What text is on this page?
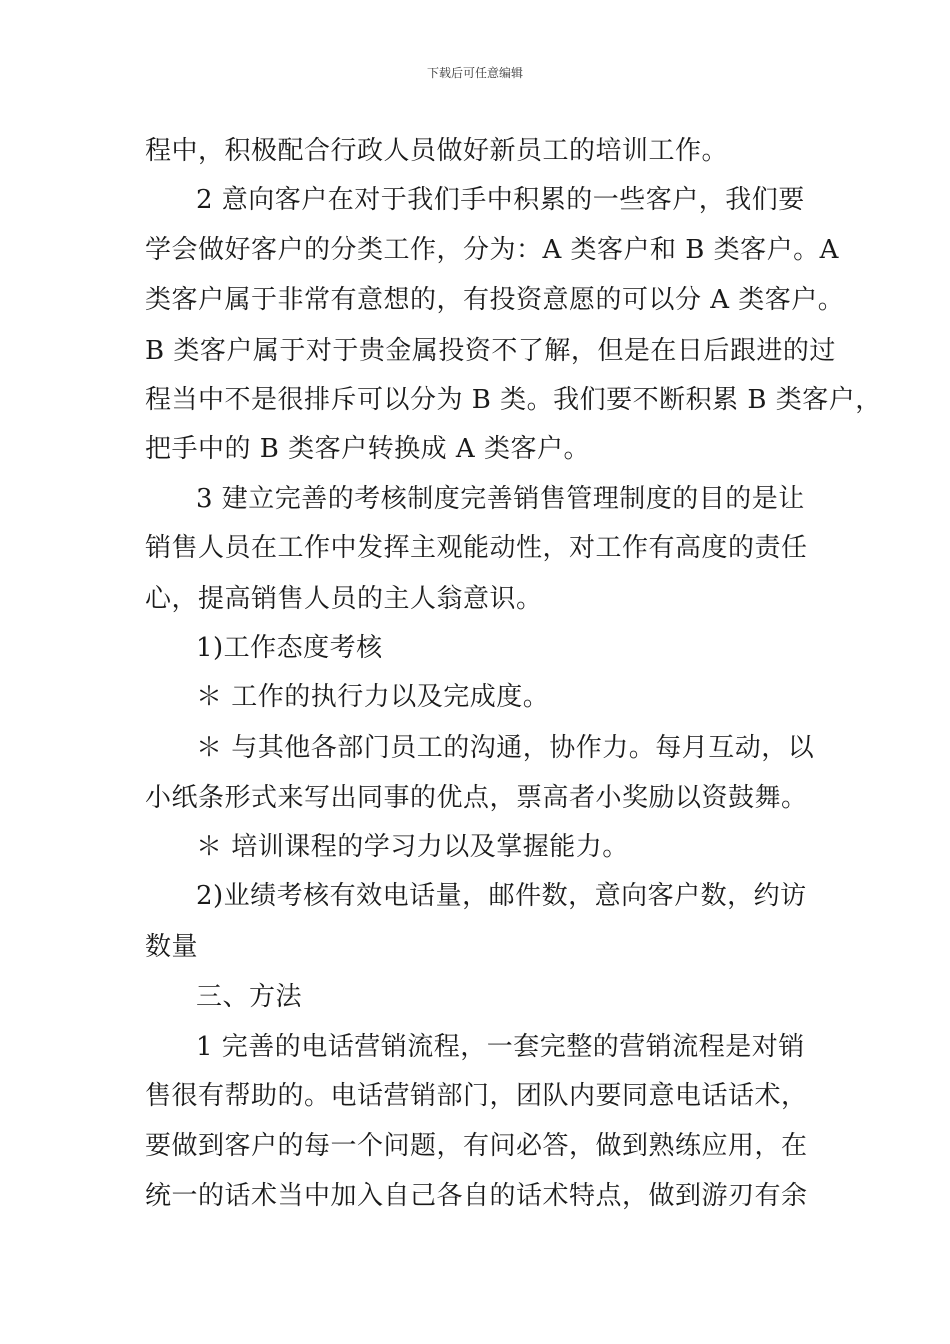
下载后可任意编辑
程中，积极配合行政人员做好新员工的培训工作。
2 意向客户在对于我们手中积累的一些客户，我们要
学会做好客户的分类工作，分为：A 类客户和 B 类客户。A
类客户属于非常有意想的，有投资意愿的可以分 A 类客户。
B 类客户属于对于贵金属投资不了解，但是在日后跟进的过
程当中不是很排斥可以分为 B 类。我们要不断积累 B 类客户，
把手中的 B 类客户转换成 A 类客户。
3 建立完善的考核制度完善销售管理制度的目的是让
销售人员在工作中发挥主观能动性，对工作有高度的责任
心，提高销售人员的主人翁意识。
1)工作态度考核
＊ 工作的执行力以及完成度。
＊ 与其他各部门员工的沟通，协作力。每月互动，以
小纸条形式来写出同事的优点，票高者小奖励以资鼓舞。
＊ 培训课程的学习力以及掌握能力。
2)业绩考核有效电话量，邮件数，意向客户数，约访
数量
三、方法
1 完善的电话营销流程，一套完整的营销流程是对销
售很有帮助的。电话营销部门，团队内要同意电话话术，
要做到客户的每一个问题，有问必答，做到熟练应用，在
统一的话术当中加入自己各自的话术特点，做到游刃有余
